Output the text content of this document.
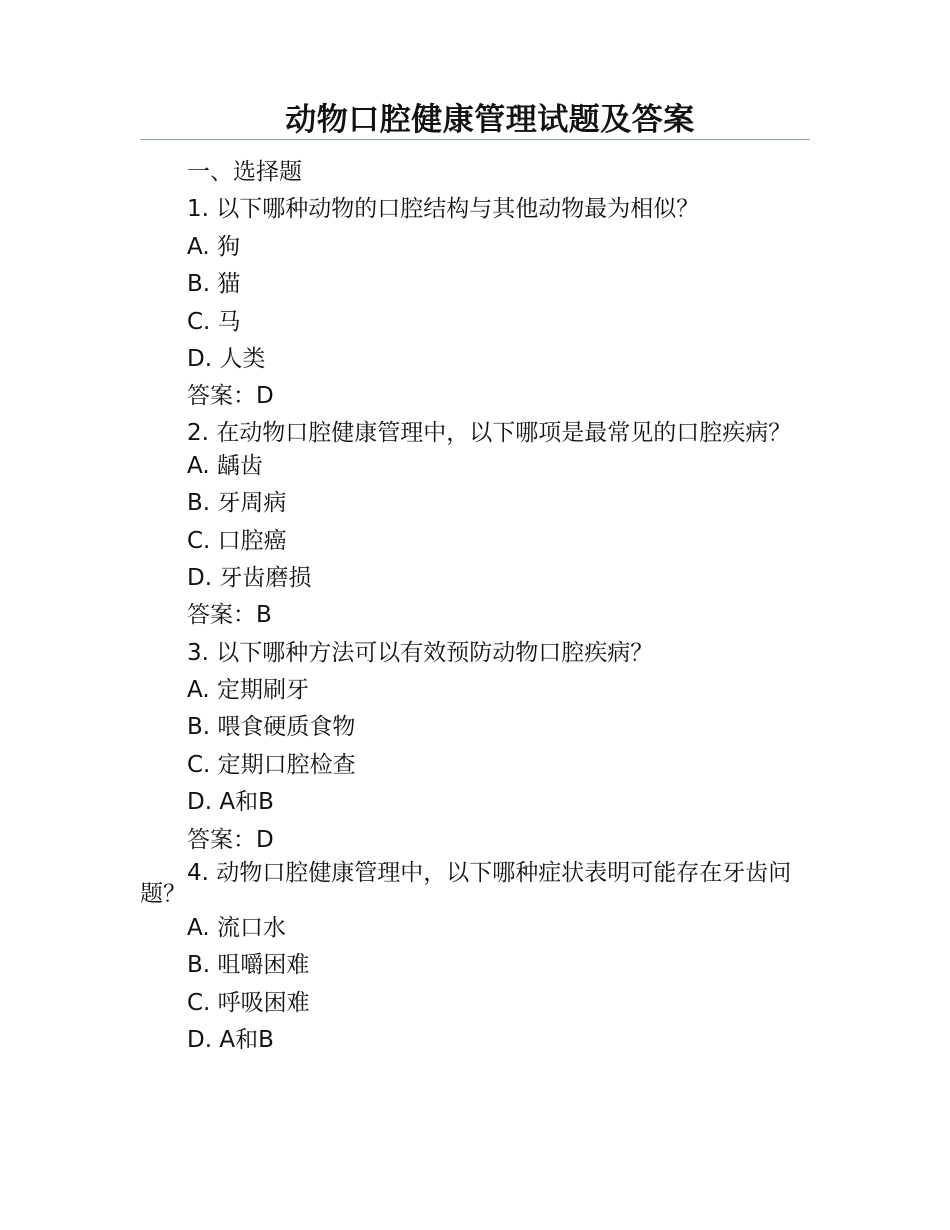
动物口腔健康管理试题及答案

一、选择题

1. 以下哪种动物的口腔结构与其他动物最为相似？

A. 狗

B. 猫

C. 马

D. 人类

答案：D

2. 在动物口腔健康管理中，以下哪项是最常见的口腔疾病？

A. 龋齿

B. 牙周病

C. 口腔癌

D. 牙齿磨损

答案：B

3. 以下哪种方法可以有效预防动物口腔疾病？

A. 定期刷牙

B. 喂食硬质食物

C. 定期口腔检查

D. A和B

答案：D

4. 动物口腔健康管理中，以下哪种症状表明可能存在牙齿问题？

A. 流口水

B. 咀嚼困难

C. 呼吸困难

D. A和B
